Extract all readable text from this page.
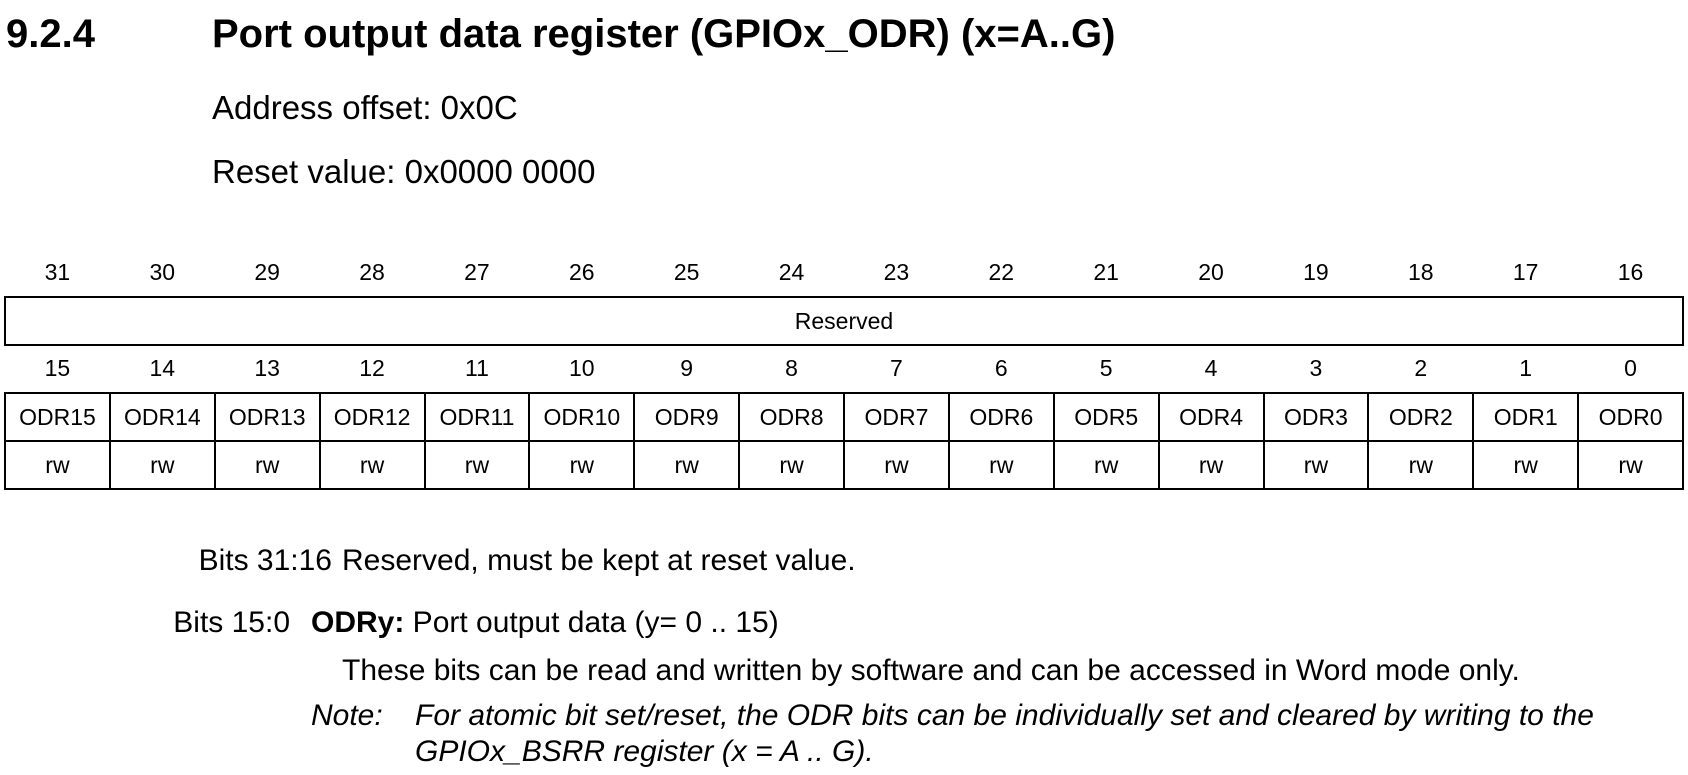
9.2.4	Port output data register (GPIOx_ODR) (x=A..G)
Address offset: 0x0C
Reset value: 0x0000 0000
31	30	29	28	27	26	25	24	23	22	21	20	19	18	17	16
Reserved
15	14	13	12	11	10	9	8	7	6	5	4	3	2	1	0
ODR15	ODR14	ODR13	ODR12	ODR11	ODR10	ODR9	ODR8	ODR7	ODR6	ODR5	ODR4	ODR3	ODR2	ODR1	ODR0
rw	rw	rw	rw	rw	rw	rw	rw	rw	rw	rw	rw	rw	rw	rw	rw
Bits 31:16 Reserved, must be kept at reset value.
Bits 15:0 ODRy: Port output data (y= 0 .. 15)
These bits can be read and written by software and can be accessed in Word mode only.
Note: For atomic bit set/reset, the ODR bits can be individually set and cleared by writing to the GPIOx_BSRR register (x = A .. G).
